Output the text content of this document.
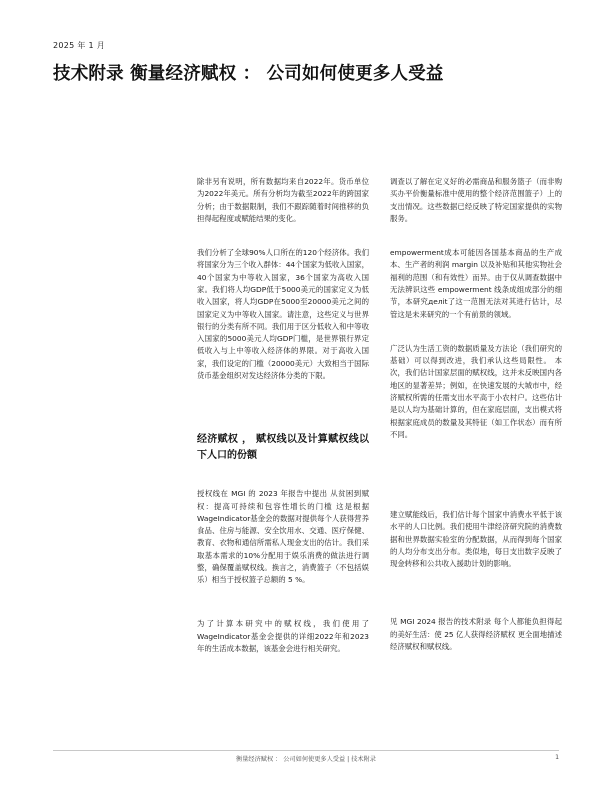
2025 年 1 月
技术附录 衡量经济赋权 ： 公司如何使更多人受益

除非另有说明，所有数据均来自2022年。货币单位为2022年美元。所有分析均为截至2022年的跨国家分析；由于数据限制，我们不跟踪随着时间推移的负担得起程度或赋能结果的变化。

我们分析了全球90%人口所在的120个经济体。我们将国家分为三个收入群体：44个国家为低收入国家，40个国家为中等收入国家，36个国家为高收入国家。我们将人均GDP低于5000美元的国家定义为低收入国家，将人均GDP在5000至20000美元之间的国家定义为中等收入国家。请注意，这些定义与世界银行的分类有所不同。我们用于区分低收入和中等收入国家的5000美元人均GDP门槛，是世界银行界定低收入与上中等收入经济体的界限。对于高收入国家，我们设定的门槛（20000美元）大致相当于国际货币基金组织对发达经济体分类的下限。

经济赋权 ， 赋权线以及计算赋权线以下人口的份额

授权线在 MGI 的 2023 年报告中提出 从贫困到赋权：提高可持续和包容性增长的门槛 这是根据WageIndicator基金会的数据对提供每个人获得营养食品、住房与能源、安全饮用水、交通、医疗保健、教育、衣物和通信所需私人现金支出的估计。我们采取基本需求的10%分配用于娱乐消费的做法进行调整，确保覆盖赋权线。换言之，消费篮子（不包括娱乐）相当于授权篮子总额的 5 %。

为了计算本研究中的赋权线，我们使用了WageIndicator基金会提供的详细2022年和2023年的生活成本数据，该基金会进行相关研究。

调查以了解在定义好的必需商品和服务篮子（而非购买办平价衡量标准中使用的整个经济范围篮子）上的支出情况。这些数据已经反映了特定国家提供的实物服务。

empowerment成本可能因各国基本商品的生产成本、生产者的利润 margin 以及补贴和其他实物社会福利的范围（和有效性）而异。由于仅从调查数据中无法辨识这些 empowerment 线条成组成部分的细节，本研究делit了这一范围无法对其进行估计，尽管这是未来研究的一个有前景的领域。

广泛认为生活工资的数据质量及方法论（我们研究的基础）可以得到改进，我们承认这些局限性。 本次，我们估计国家层面的赋权线，这并未反映国内各地区的显著差异；例如，在快速发展的大城市中，经济赋权所需的任需支出水平高于小农村户。这些估计是以人均为基础计算的，但在家庭层面，支出模式将根据家庭成员的数量及其特征（如工作状态）而有所不同。

建立赋能线后，我们估计每个国家中消费水平低于该水平的人口比例。我们使用牛津经济研究院的消费数据和世界数据实验室的分配数据，从而得到每个国家的人均分布支出分布。类似地，每日支出数字反映了现金转移和公共收入援助计划的影响。

见 MGI 2024 报告的技术附录 每个人都能负担得起的美好生活：使 25 亿人获得经济赋权 更全面地描述经济赋权和赋权线。

衡量经济赋权 ： 公司如何使更多人受益 | 技术附录	1
